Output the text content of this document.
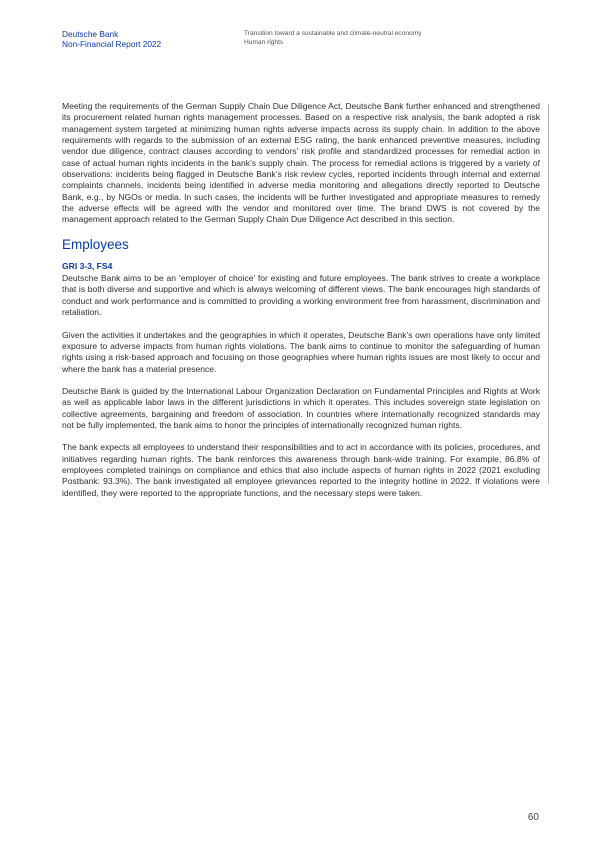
Deutsche Bank
Non-Financial Report 2022
Transition toward a sustainable and climate-neutral economy
Human rights

Meeting the requirements of the German Supply Chain Due Diligence Act, Deutsche Bank further enhanced and strengthened its procurement related human rights management processes. Based on a respective risk analysis, the bank adopted a risk management system targeted at minimizing human rights adverse impacts across its supply chain. In addition to the above requirements with regards to the submission of an external ESG rating, the bank enhanced preventive measures, including vendor due diligence, contract clauses according to vendors’ risk profile and standardized processes for remedial action in case of actual human rights incidents in the bank’s supply chain. The process for remedial actions is triggered by a variety of observations: incidents being flagged in Deutsche Bank’s risk review cycles, reported incidents through internal and external complaints channels, incidents being identified in adverse media monitoring and allegations directly reported to Deutsche Bank, e.g., by NGOs or media. In such cases, the incidents will be further investigated and appropriate measures to remedy the adverse effects will be agreed with the vendor and monitored over time. The brand DWS is not covered by the management approach related to the German Supply Chain Due Diligence Act described in this section.

Employees
GRI 3-3, FS4

Deutsche Bank aims to be an ‘employer of choice’ for existing and future employees. The bank strives to create a workplace that is both diverse and supportive and which is always welcoming of different views. The bank encourages high standards of conduct and work performance and is committed to providing a working environment free from harassment, discrimination and retaliation.

Given the activities it undertakes and the geographies in which it operates, Deutsche Bank’s own operations have only limited exposure to adverse impacts from human rights violations. The bank aims to continue to monitor the safeguarding of human rights using a risk-based approach and focusing on those geographies where human rights issues are most likely to occur and where the bank has a material presence.

Deutsche Bank is guided by the International Labour Organization Declaration on Fundamental Principles and Rights at Work as well as applicable labor laws in the different jurisdictions in which it operates. This includes sovereign state legislation on collective agreements, bargaining and freedom of association. In countries where internationally recognized standards may not be fully implemented, the bank aims to honor the principles of internationally recognized human rights.

The bank expects all employees to understand their responsibilities and to act in accordance with its policies, procedures, and initiatives regarding human rights. The bank reinforces this awareness through bank-wide training. For example, 86.8% of employees completed trainings on compliance and ethics that also include aspects of human rights in 2022 (2021 excluding Postbank: 93.3%). The bank investigated all employee grievances reported to the integrity hotline in 2022. If violations were identified, they were reported to the appropriate functions, and the necessary steps were taken.

60
